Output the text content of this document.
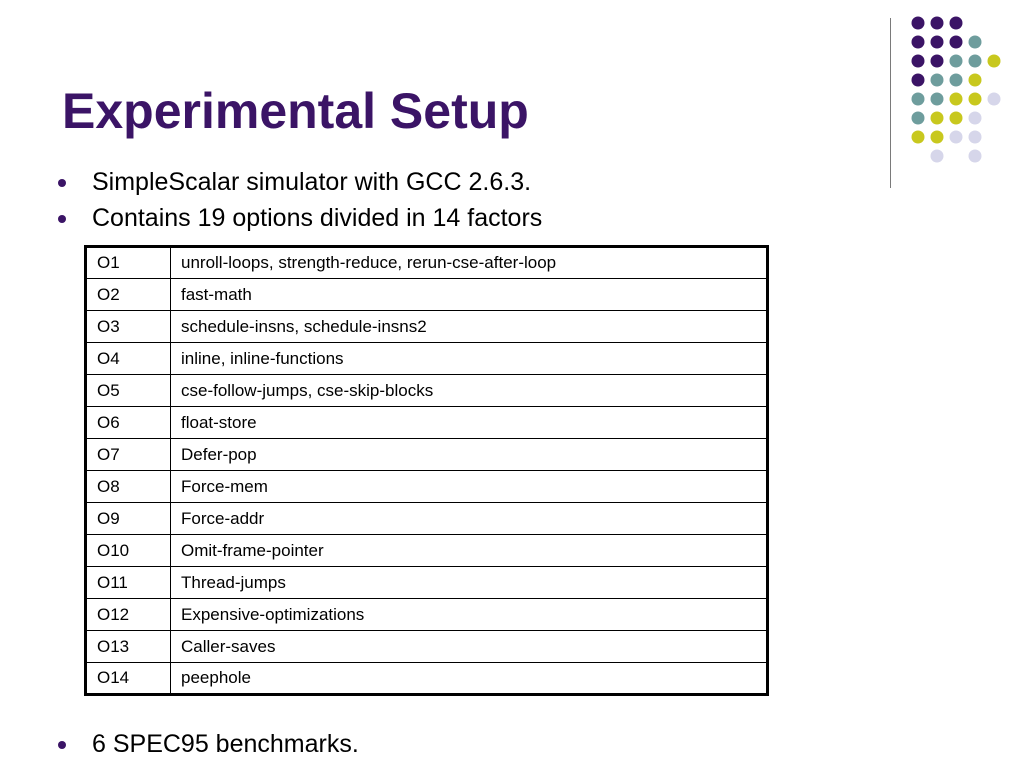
Experimental Setup
SimpleScalar simulator with GCC 2.6.3.
Contains 19 options divided in 14 factors
O1	unroll-loops, strength-reduce, rerun-cse-after-loop
O2	fast-math
O3	schedule-insns, schedule-insns2
O4	inline, inline-functions
O5	cse-follow-jumps, cse-skip-blocks
O6	float-store
O7	Defer-pop
O8	Force-mem
O9	Force-addr
O10	Omit-frame-pointer
O11	Thread-jumps
O12	Expensive-optimizations
O13	Caller-saves
O14	peephole
6 SPEC95 benchmarks.
